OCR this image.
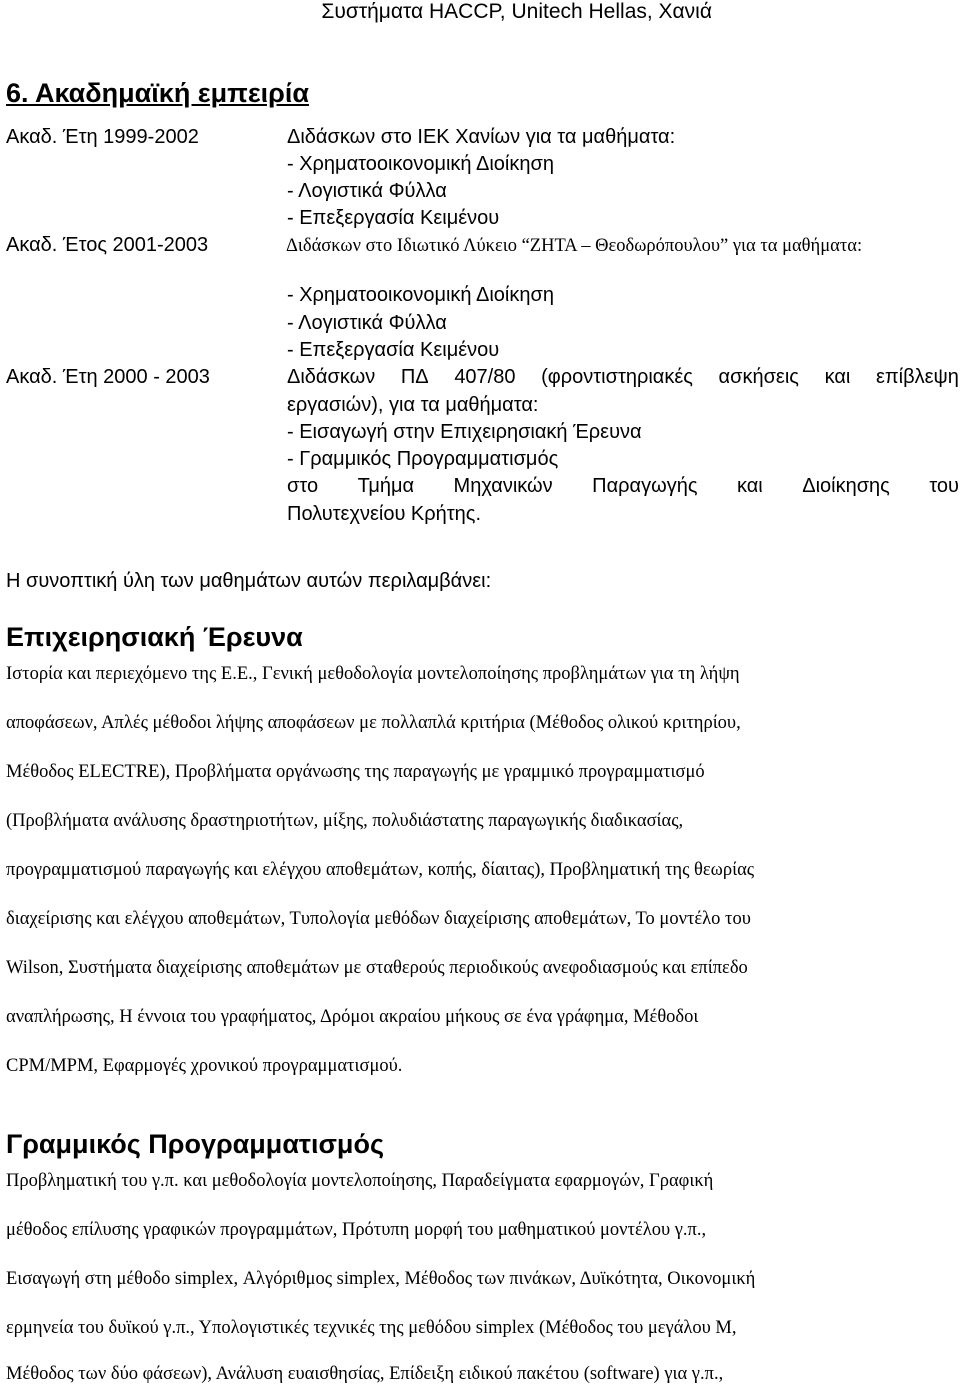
Συστήματα HACCP, Unitech Hellas, Χανιά
6. Ακαδημαϊκή εμπειρία
Ακαδ. Έτη 1999-2002	Διδάσκων στο ΙΕΚ Χανίων για τα μαθήματα:
- Χρηματοοικονομική Διοίκηση
- Λογιστικά Φύλλα
- Επεξεργασία Κειμένου
Ακαδ. Έτος 2001-2003	Διδάσκων στο Ιδιωτικό Λύκειο “ΖΗΤΑ – Θεοδωρόπουλου” για τα μαθήματα:
- Χρηματοοικονομική Διοίκηση
- Λογιστικά Φύλλα
- Επεξεργασία Κειμένου
Ακαδ. Έτη 2000 - 2003	Διδάσκων ΠΔ 407/80 (φροντιστηριακές ασκήσεις και επίβλεψη
εργασιών), για τα μαθήματα:
- Εισαγωγή στην Επιχειρησιακή Έρευνα
- Γραμμικός Προγραμματισμός
στο Τμήμα Μηχανικών Παραγωγής και Διοίκησης του
Πολυτεχνείου Κρήτης.
Η συνοπτική ύλη των μαθημάτων αυτών περιλαμβάνει:
Επιχειρησιακή Έρευνα
Ιστορία και περιεχόμενο της Ε.Ε., Γενική μεθοδολογία μοντελοποίησης προβλημάτων για τη λήψη
αποφάσεων, Απλές μέθοδοι λήψης αποφάσεων με πολλαπλά κριτήρια (Μέθοδος ολικού κριτηρίου,
Μέθοδος ELECTRE), Προβλήματα οργάνωσης της παραγωγής με γραμμικό προγραμματισμό
(Προβλήματα ανάλυσης δραστηριοτήτων, μίξης, πολυδιάστατης παραγωγικής διαδικασίας,
προγραμματισμού παραγωγής και ελέγχου αποθεμάτων, κοπής, δίαιτας), Προβληματική της θεωρίας
διαχείρισης και ελέγχου αποθεμάτων, Τυπολογία μεθόδων διαχείρισης αποθεμάτων, Το μοντέλο του
Wilson, Συστήματα διαχείρισης αποθεμάτων με σταθερούς περιοδικούς ανεφοδιασμούς και επίπεδο
αναπλήρωσης, Η έννοια του γραφήματος, Δρόμοι ακραίου μήκους σε ένα γράφημα, Μέθοδοι
CPM/MPM, Εφαρμογές χρονικού προγραμματισμού.
Γραμμικός Προγραμματισμός
Προβληματική του γ.π. και μεθοδολογία μοντελοποίησης, Παραδείγματα εφαρμογών, Γραφική
μέθοδος επίλυσης γραφικών προγραμμάτων, Πρότυπη μορφή του μαθηματικού μοντέλου γ.π.,
Εισαγωγή στη μέθοδο simplex, Αλγόριθμος simplex, Μέθοδος των πινάκων, Δυϊκότητα, Οικονομική
ερμηνεία του δυϊκού γ.π., Υπολογιστικές τεχνικές της μεθόδου simplex (Μέθοδος του μεγάλου Μ,
Μέθοδος των δύο φάσεων), Ανάλυση ευαισθησίας, Επίδειξη ειδικού πακέτου (software) για γ.π.,
